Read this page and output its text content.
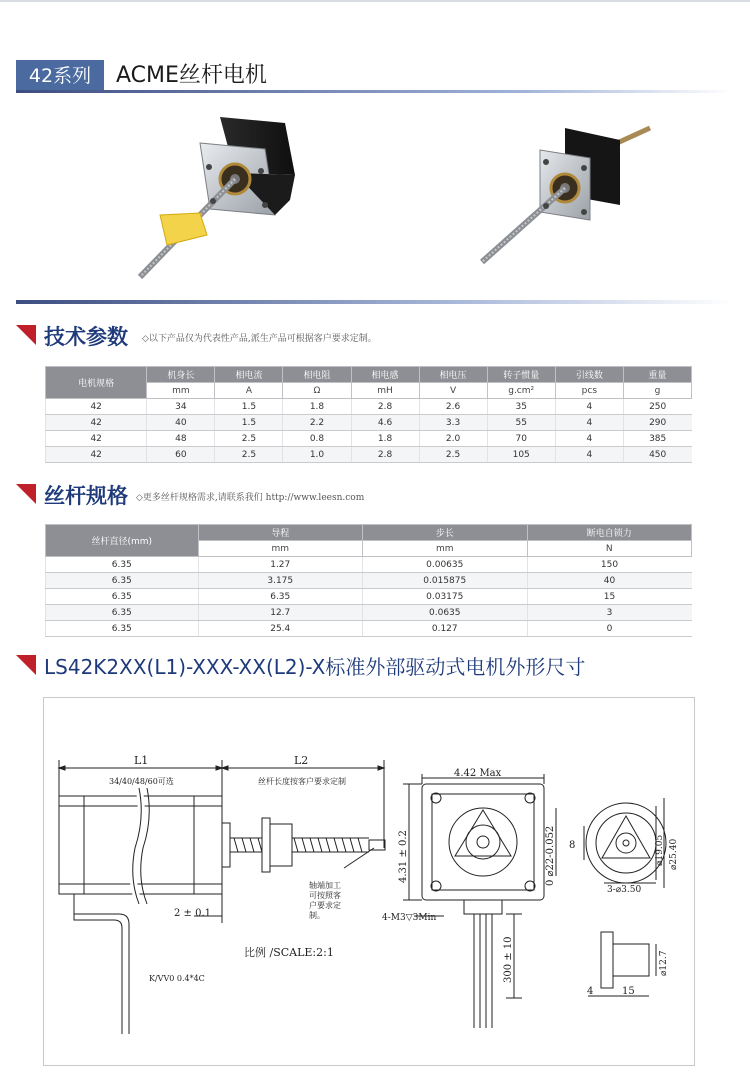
42系列	ACME丝杆电机
技术参数 ◇以下产品仅为代表性产品,派生产品可根据客户要求定制。
电机规格	机身长	相电流	相电阻	相电感	相电压	转子惯量	引线数	重量
	mm	A	Ω	mH	V	g.cm²	pcs	g
42	34	1.5	1.8	2.8	2.6	35	4	250
42	40	1.5	2.2	4.6	3.3	55	4	290
42	48	2.5	0.8	1.8	2.0	70	4	385
42	60	2.5	1.0	2.8	2.5	105	4	450
丝杆规格 ◇更多丝杆规格需求,请联系我们 http://www.leesn.com
丝杆直径(mm)	导程	步长	断电自锁力
	mm	mm	N
6.35	1.27	0.00635	150
6.35	3.175	0.015875	40
6.35	6.35	0.03175	15
6.35	12.7	0.0635	3
6.35	25.4	0.127	0
LS42K2XX(L1)-XXX-XX(L2)-X标准外部驱动式电机外形尺寸
L1
34/40/48/60可选
L2
丝杆长度按客户要求定制
轴端加工
可按照客
户要求定
制。
2 ± 0.1
K/VV0 0.4*4C
比例 /SCALE:2:1
4.42 Max
4.31 ± 0.2	0 ⌀22-0.052
4-M3▽3Min
300 ± 10
8	⌀19.05 ⌀25.40
3-⌀3.50
⌀12.7
4	15
